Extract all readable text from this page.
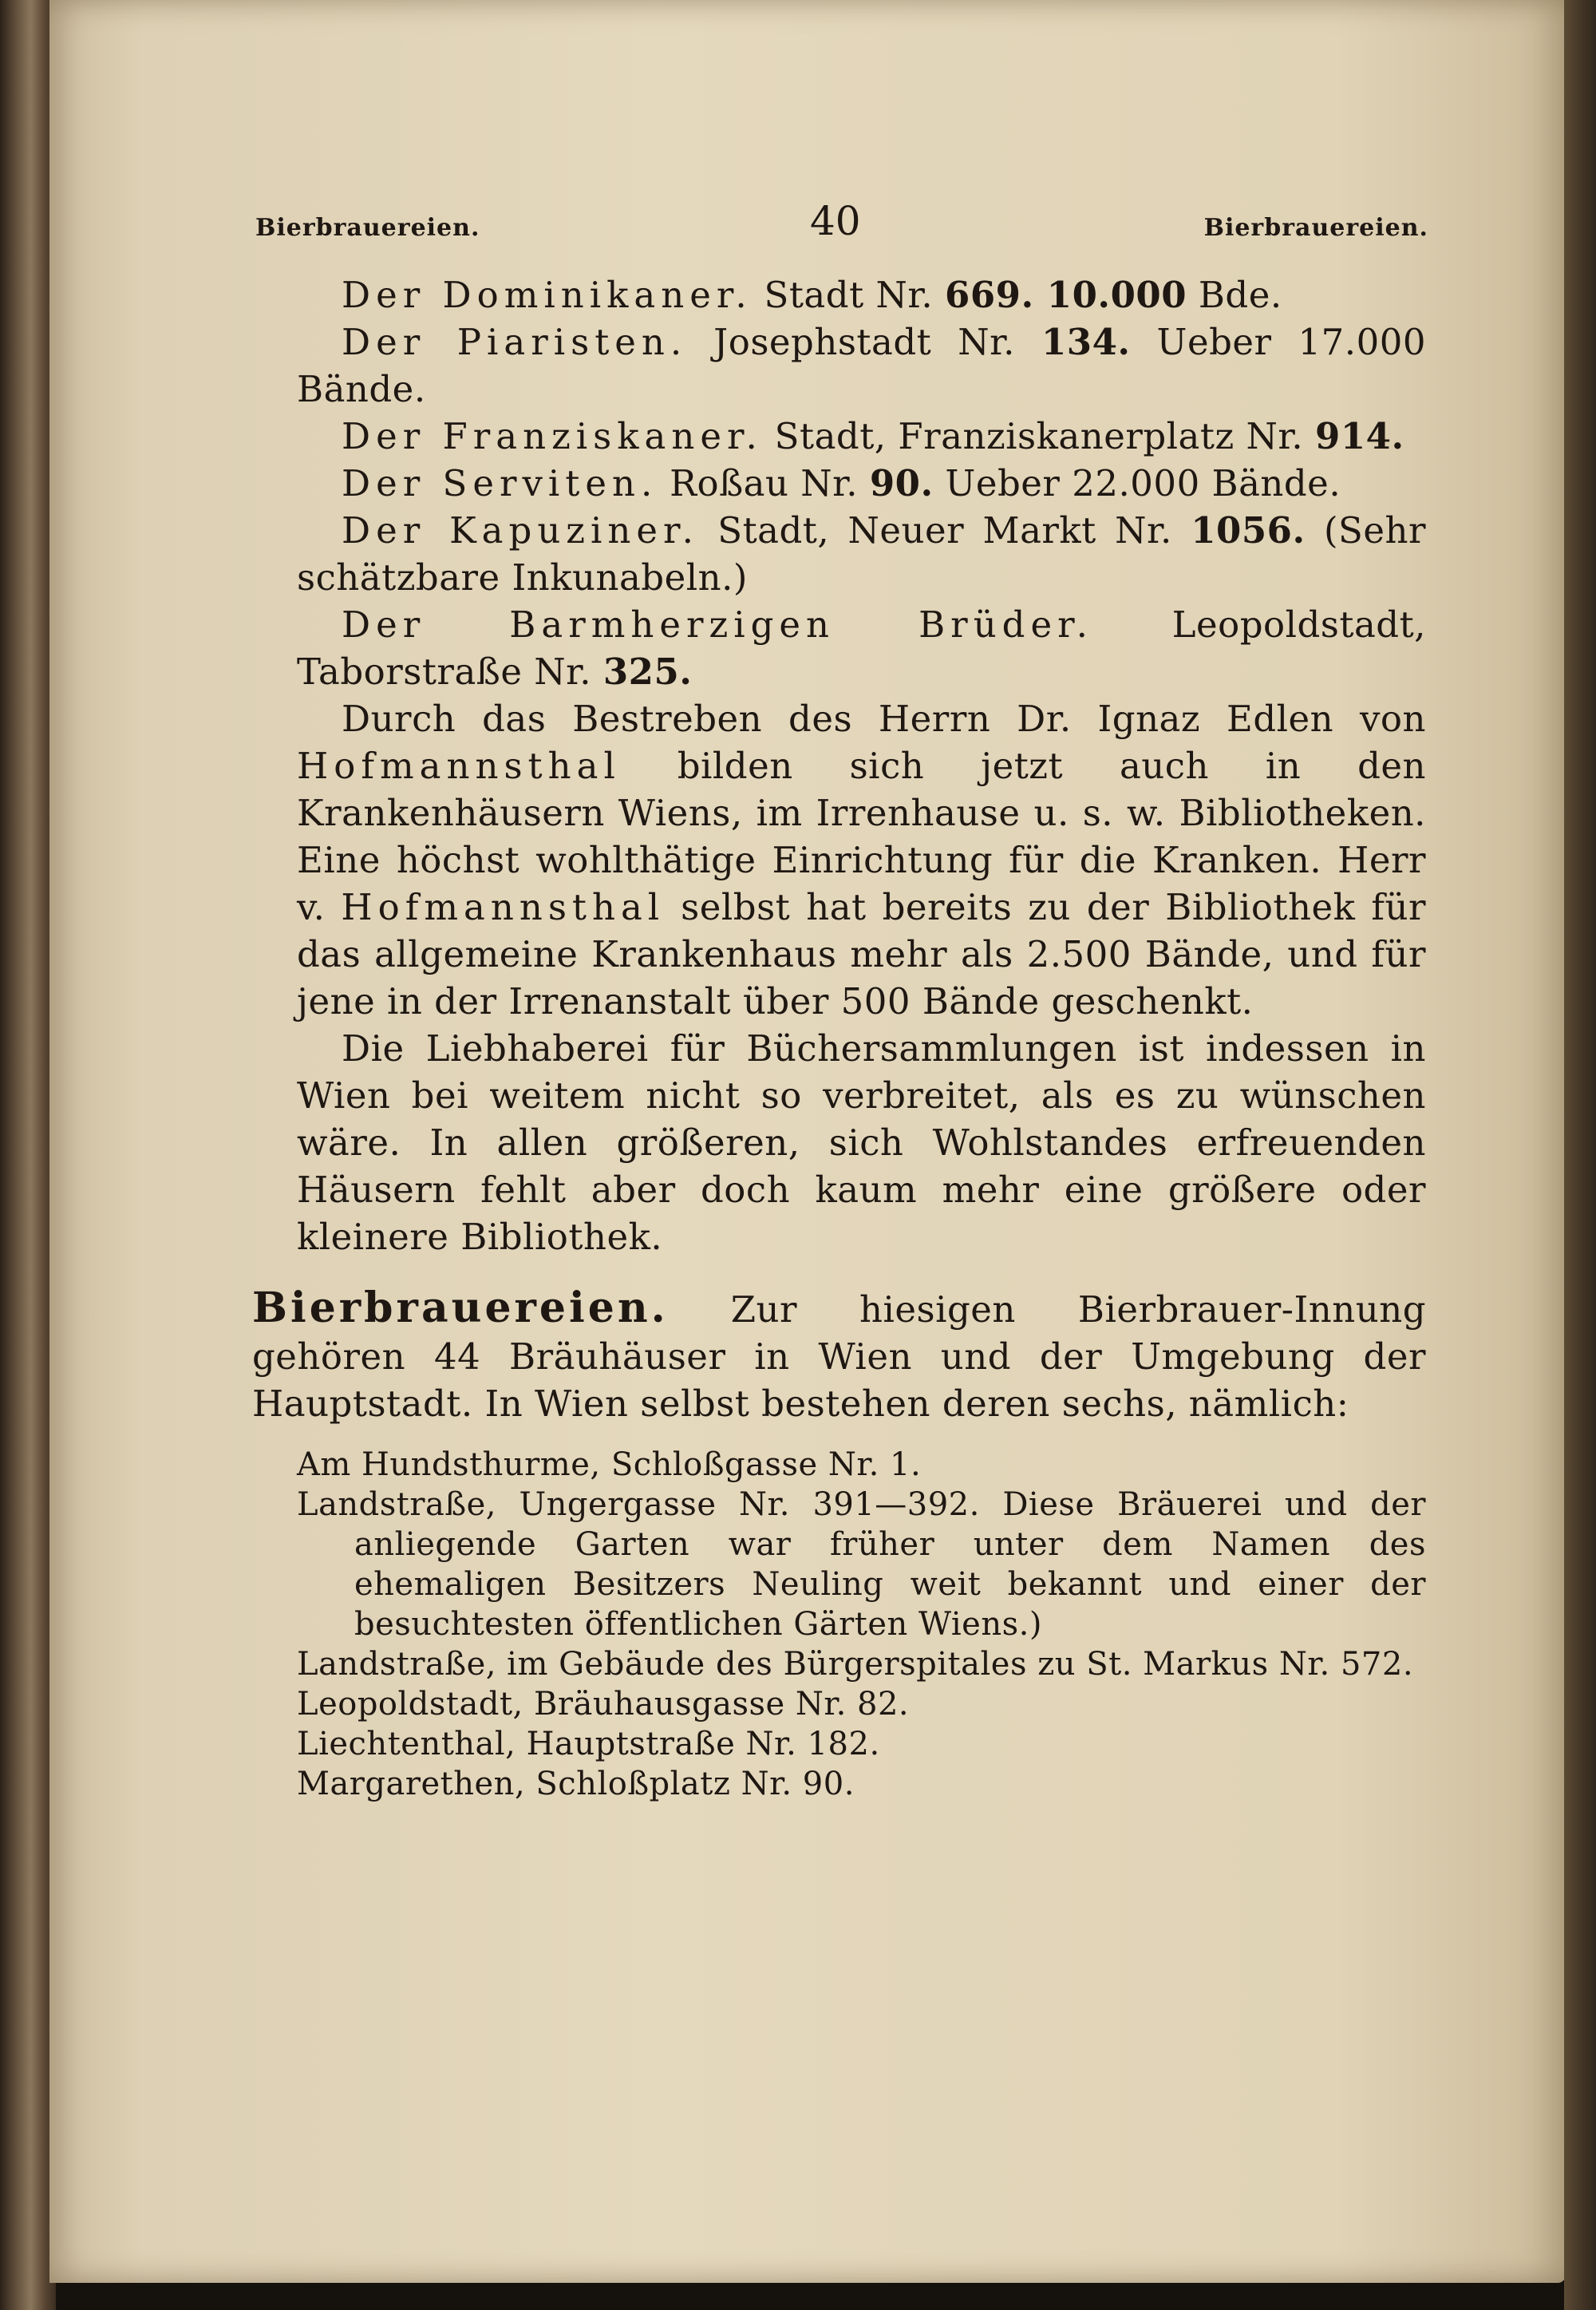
Bierbrauereien.	40	Bierbrauereien.

Der Dominikaner. Stadt Nr. 669. 10.000 Bde.

Der Piaristen. Josephstadt Nr. 134. Ueber 17.000 Bände.

Der Franziskaner. Stadt, Franziskanerplatz Nr. 914.

Der Serviten. Roßau Nr. 90. Ueber 22.000 Bände.

Der Kapuziner. Stadt, Neuer Markt Nr. 1056. (Sehr schätzbare Inkunabeln.)

Der Barmherzigen Brüder. Leopoldstadt, Taborstraße Nr. 325.

Durch das Bestreben des Herrn Dr. Ignaz Edlen von Hofmannsthal bilden sich jetzt auch in den Krankenhäusern Wiens, im Irrenhause u. s. w. Bibliotheken. Eine höchst wohlthätige Einrichtung für die Kranken. Herr v. Hofmannsthal selbst hat bereits zu der Bibliothek für das allgemeine Krankenhaus mehr als 2.500 Bände, und für jene in der Irrenanstalt über 500 Bände geschenkt.

Die Liebhaberei für Büchersammlungen ist indessen in Wien bei weitem nicht so verbreitet, als es zu wünschen wäre. In allen größeren, sich Wohlstandes erfreuenden Häusern fehlt aber doch kaum mehr eine größere oder kleinere Bibliothek.

Bierbrauereien. Zur hiesigen Bierbrauer-Innung gehören 44 Bräuhäuser in Wien und der Umgebung der Hauptstadt. In Wien selbst bestehen deren sechs, nämlich:

Am Hundsthurme, Schloßgasse Nr. 1.

Landstraße, Ungergasse Nr. 391—392. Diese Bräuerei und der anliegende Garten war früher unter dem Namen des ehemaligen Besitzers Neuling weit bekannt und einer der besuchtesten öffentlichen Gärten Wiens.)

Landstraße, im Gebäude des Bürgerspitales zu St. Markus Nr. 572.

Leopoldstadt, Bräuhausgasse Nr. 82.

Liechtenthal, Hauptstraße Nr. 182.

Margarethen, Schloßplatz Nr. 90.
